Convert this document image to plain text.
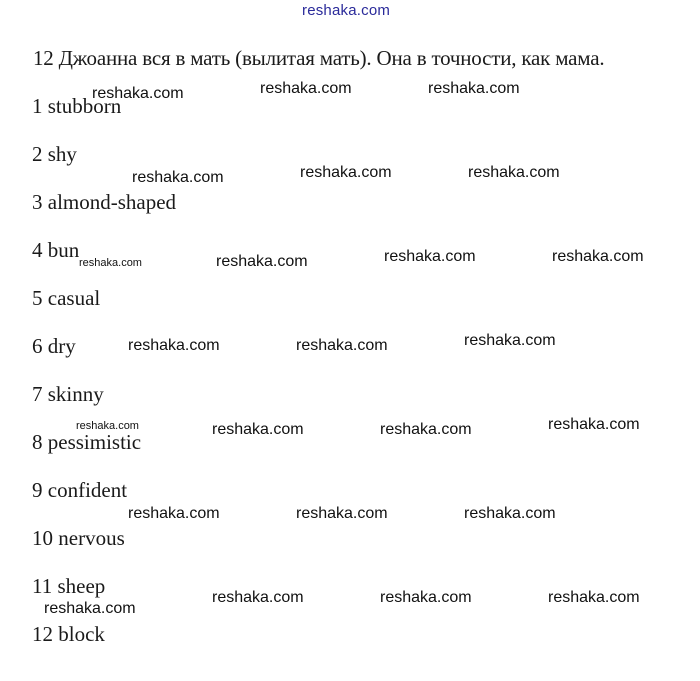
reshaka.com
12 Джоанна вся в мать (вылитая мать). Она в точности, как мама.
1 stubborn
2 shy
3 almond-shaped
4 bun
5 casual
6 dry
7 skinny
8 pessimistic
9 confident
10 nervous
11 sheep
12 block
reshaka.com	reshaka.com	reshaka.com
reshaka.com	reshaka.com	reshaka.com
reshaka.com	reshaka.com	reshaka.com	reshaka.com
reshaka.com	reshaka.com	reshaka.com
reshaka.com	reshaka.com	reshaka.com	reshaka.com
reshaka.com	reshaka.com	reshaka.com
reshaka.com
reshaka.com	reshaka.com	reshaka.com
